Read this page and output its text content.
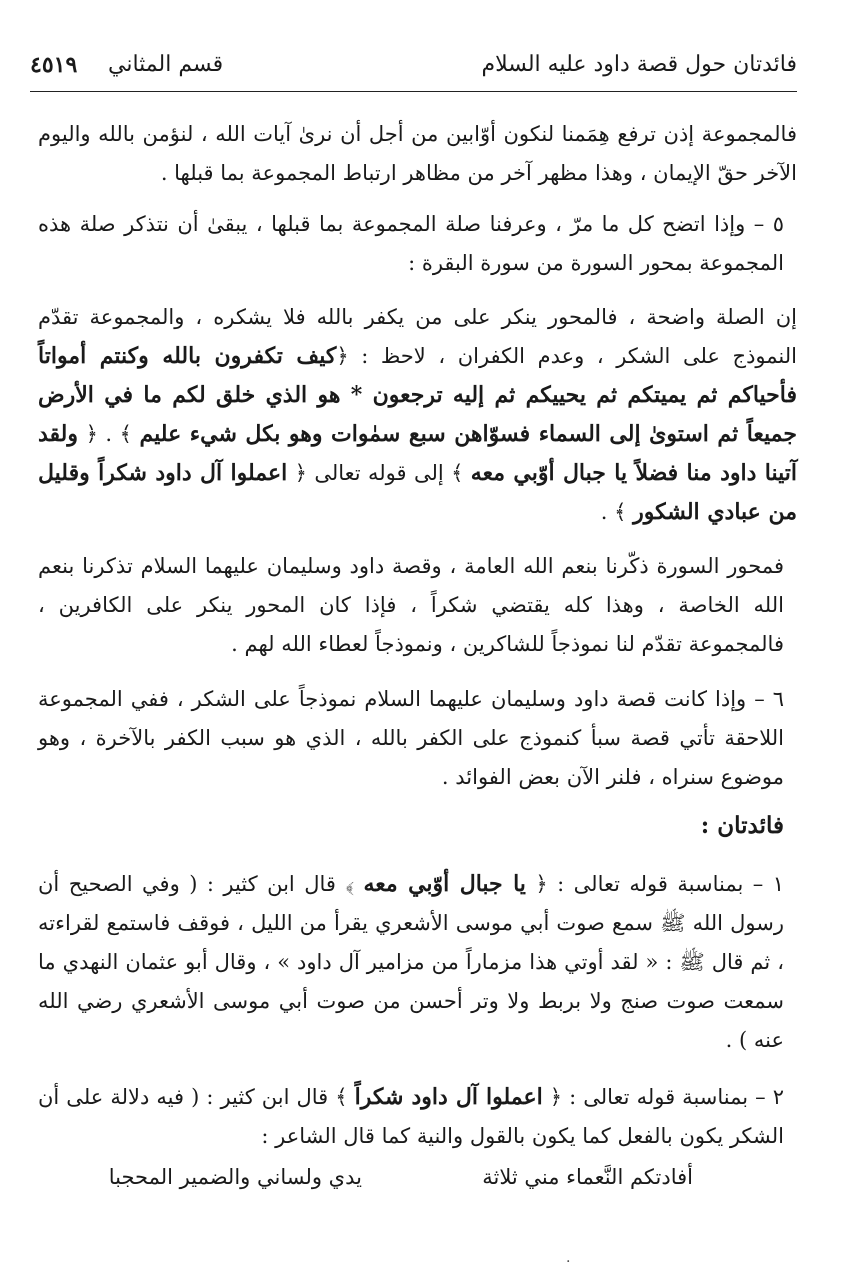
فائدتان حول قصة داود عليه السلام
قسم المثاني
٤٥١٩

فالمجموعة إذن ترفع هِمَمنا لنكون أوّابين من أجل أن نرىٰ آيات الله ، لنؤمن بالله واليوم الآخر حقّ الإيمان ، وهذا مظهر آخر من مظاهر ارتباط المجموعة بما قبلها .

٥ – وإذا اتضح كل ما مرّ ، وعرفنا صلة المجموعة بما قبلها ، يبقىٰ أن نتذكر صلة هذه المجموعة بمحور السورة من سورة البقرة :

إن الصلة واضحة ، فالمحور ينكر على من يكفر بالله فلا يشكره ، والمجموعة تقدّم النموذج على الشكر ، وعدم الكفران ، لاحظ : ﴿كيف تكفرون بالله وكنتم أمواتاً فأحياكم ثم يميتكم ثم يحييكم ثم إليه ترجعون * هو الذي خلق لكم ما في الأرض جميعاً ثم استوىٰ إلى السماء فسوّاهن سبع سمٰوات وهو بكل شيء عليم ﴾ . ﴿ ولقد آتينا داود منا فضلاً يا جبال أوّبي معه ﴾ إلى قوله تعالى ﴿ اعملوا آل داود شكراً وقليل من عبادي الشكور ﴾ .

فمحور السورة ذكّرنا بنعم الله العامة ، وقصة داود وسليمان عليهما السلام تذكرنا بنعم الله الخاصة ، وهذا كله يقتضي شكراً ، فإذا كان المحور ينكر على الكافرين ، فالمجموعة تقدّم لنا نموذجاً للشاكرين ، ونموذجاً لعطاء الله لهم .

٦ – وإذا كانت قصة داود وسليمان عليهما السلام نموذجاً على الشكر ، ففي المجموعة اللاحقة تأتي قصة سبأ كنموذج على الكفر بالله ، الذي هو سبب الكفر بالآخرة ، وهو موضوع سنراه ، فلنر الآن بعض الفوائد .

فائدتان :

١ – بمناسبة قوله تعالى : ﴿ يا جبال أوّبي معه ﴾ قال ابن كثير : ( وفي الصحيح أن رسول الله ﷺ سمع صوت أبي موسى الأشعري يقرأ من الليل ، فوقف فاستمع لقراءته ، ثم قال ﷺ : « لقد أوتي هذا مزماراً من مزامير آل داود » ، وقال أبو عثمان النهدي ما سمعت صوت صنج ولا بربط ولا وتر أحسن من صوت أبي موسى الأشعري رضي الله عنه ) .

٢ – بمناسبة قوله تعالى : ﴿ اعملوا آل داود شكراً ﴾ قال ابن كثير : ( فيه دلالة على أن الشكر يكون بالفعل كما يكون بالقول والنية كما قال الشاعر :

أفادتكم النَّعماء مني ثلاثة
يدي ولساني والضمير المحجبا
.
